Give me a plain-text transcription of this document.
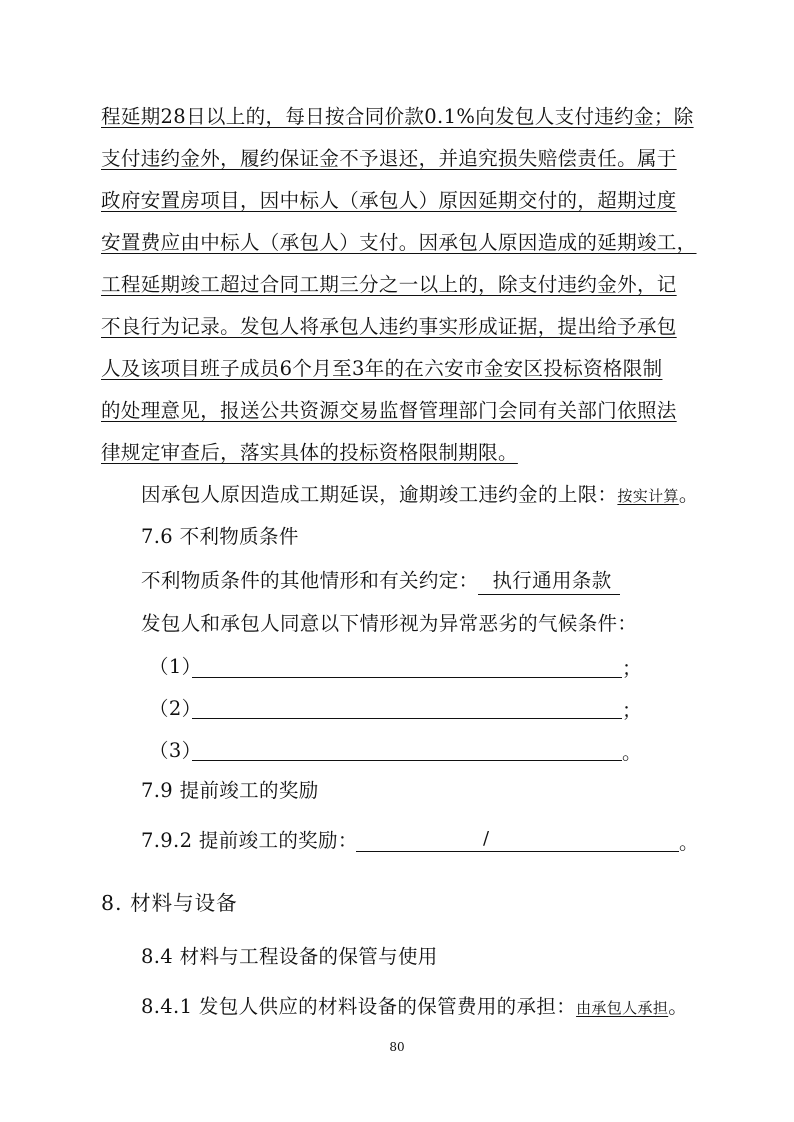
程延期28日以上的，每日按合同价款0.1%向发包人支付违约金；除
支付违约金外，履约保证金不予退还，并追究损失赔偿责任。属于
政府安置房项目，因中标人（承包人）原因延期交付的，超期过度
安置费应由中标人（承包人）支付。因承包人原因造成的延期竣工，
工程延期竣工超过合同工期三分之一以上的，除支付违约金外，记
不良行为记录。发包人将承包人违约事实形成证据，提出给予承包
人及该项目班子成员6个月至3年的在六安市金安区投标资格限制
的处理意见，报送公共资源交易监督管理部门会同有关部门依照法
律规定审查后，落实具体的投标资格限制期限。
因承包人原因造成工期延误，逾期竣工违约金的上限：按实计算。
7.6 不利物质条件
不利物质条件的其他情形和有关约定： 执行通用条款
发包人和承包人同意以下情形视为异常恶劣的气候条件：
（1）	；
（2）	；
（3）	。
7.9 提前竣工的奖励
7.9.2 提前竣工的奖励：	/	。
8. 材料与设备
8.4 材料与工程设备的保管与使用
8.4.1 发包人供应的材料设备的保管费用的承担：由承包人承担。
80
